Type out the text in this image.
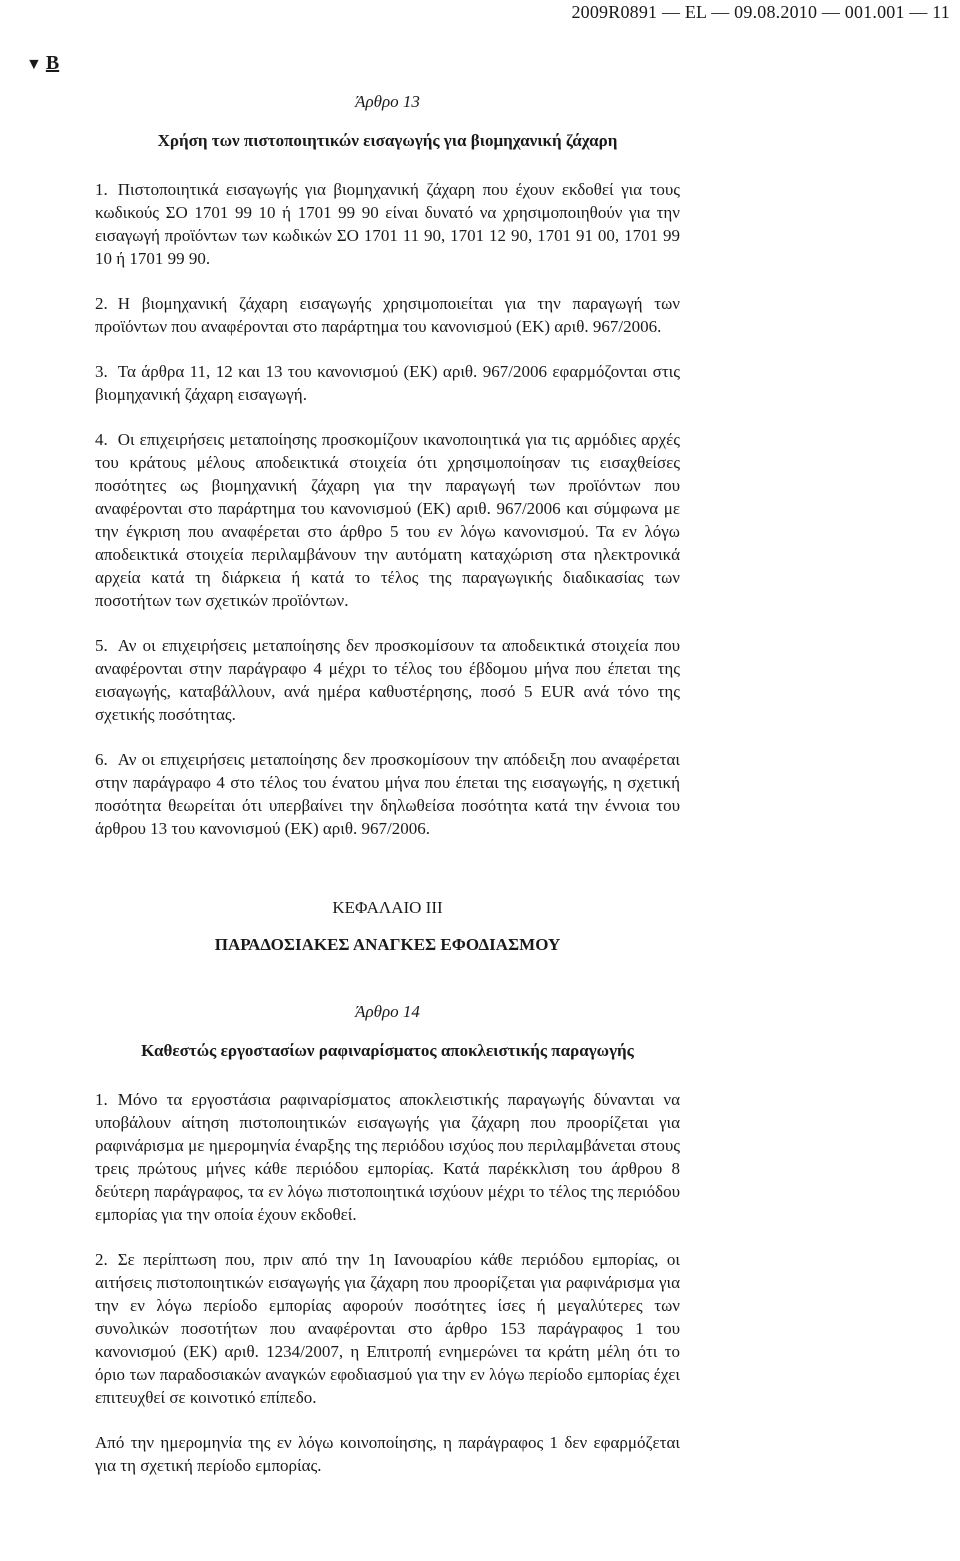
2009R0891 — EL — 09.08.2010 — 001.001 — 11
▼ B
Άρθρο 13
Χρήση των πιστοποιητικών εισαγωγής για βιομηχανική ζάχαρη

1. Πιστοποιητικά εισαγωγής για βιομηχανική ζάχαρη που έχουν εκδοθεί για τους κωδικούς ΣΟ 1701 99 10 ή 1701 99 90 είναι δυνατό να χρησιμοποιηθούν για την εισαγωγή προϊόντων των κωδικών ΣΟ 1701 11 90, 1701 12 90, 1701 91 00, 1701 99 10 ή 1701 99 90.

2. Η βιομηχανική ζάχαρη εισαγωγής χρησιμοποιείται για την παραγωγή των προϊόντων που αναφέρονται στο παράρτημα του κανονισμού (ΕΚ) αριθ. 967/2006.

3. Τα άρθρα 11, 12 και 13 του κανονισμού (ΕΚ) αριθ. 967/2006 εφαρμόζονται στις βιομηχανική ζάχαρη εισαγωγή.

4. Οι επιχειρήσεις μεταποίησης προσκομίζουν ικανοποιητικά για τις αρμόδιες αρχές του κράτους μέλους αποδεικτικά στοιχεία ότι χρησιμοποίησαν τις εισαχθείσες ποσότητες ως βιομηχανική ζάχαρη για την παραγωγή των προϊόντων που αναφέρονται στο παράρτημα του κανονισμού (ΕΚ) αριθ. 967/2006 και σύμφωνα με την έγκριση που αναφέρεται στο άρθρο 5 του εν λόγω κανονισμού. Τα εν λόγω αποδεικτικά στοιχεία περιλαμβάνουν την αυτόματη καταχώριση στα ηλεκτρονικά αρχεία κατά τη διάρκεια ή κατά το τέλος της παραγωγικής διαδικασίας των ποσοτήτων των σχετικών προϊόντων.

5. Αν οι επιχειρήσεις μεταποίησης δεν προσκομίσουν τα αποδεικτικά στοιχεία που αναφέρονται στην παράγραφο 4 μέχρι το τέλος του έβδομου μήνα που έπεται της εισαγωγής, καταβάλλουν, ανά ημέρα καθυστέρησης, ποσό 5 EUR ανά τόνο της σχετικής ποσότητας.

6. Αν οι επιχειρήσεις μεταποίησης δεν προσκομίσουν την απόδειξη που αναφέρεται στην παράγραφο 4 στο τέλος του ένατου μήνα που έπεται της εισαγωγής, η σχετική ποσότητα θεωρείται ότι υπερβαίνει την δηλωθείσα ποσότητα κατά την έννοια του άρθρου 13 του κανονισμού (ΕΚ) αριθ. 967/2006.

ΚΕΦΑΛΑΙΟ III
ΠΑΡΑΔΟΣΙΑΚΕΣ ΑΝΑΓΚΕΣ ΕΦΟΔΙΑΣΜΟΥ
Άρθρο 14
Καθεστώς εργοστασίων ραφιναρίσματος αποκλειστικής παραγωγής

1. Μόνο τα εργοστάσια ραφιναρίσματος αποκλειστικής παραγωγής δύνανται να υποβάλουν αίτηση πιστοποιητικών εισαγωγής για ζάχαρη που προορίζεται για ραφινάρισμα με ημερομηνία έναρξης της περιόδου ισχύος που περιλαμβάνεται στους τρεις πρώτους μήνες κάθε περιόδου εμπορίας. Κατά παρέκκλιση του άρθρου 8 δεύτερη παράγραφος, τα εν λόγω πιστοποιητικά ισχύουν μέχρι το τέλος της περιόδου εμπορίας για την οποία έχουν εκδοθεί.

2. Σε περίπτωση που, πριν από την 1η Ιανουαρίου κάθε περιόδου εμπορίας, οι αιτήσεις πιστοποιητικών εισαγωγής για ζάχαρη που προορίζεται για ραφινάρισμα για την εν λόγω περίοδο εμπορίας αφορούν ποσότητες ίσες ή μεγαλύτερες των συνολικών ποσοτήτων που αναφέρονται στο άρθρο 153 παράγραφος 1 του κανονισμού (ΕΚ) αριθ. 1234/2007, η Επιτροπή ενημερώνει τα κράτη μέλη ότι το όριο των παραδοσιακών αναγκών εφοδιασμού για την εν λόγω περίοδο εμπορίας έχει επιτευχθεί σε κοινοτικό επίπεδο.

Από την ημερομηνία της εν λόγω κοινοποίησης, η παράγραφος 1 δεν εφαρμόζεται για τη σχετική περίοδο εμπορίας.
